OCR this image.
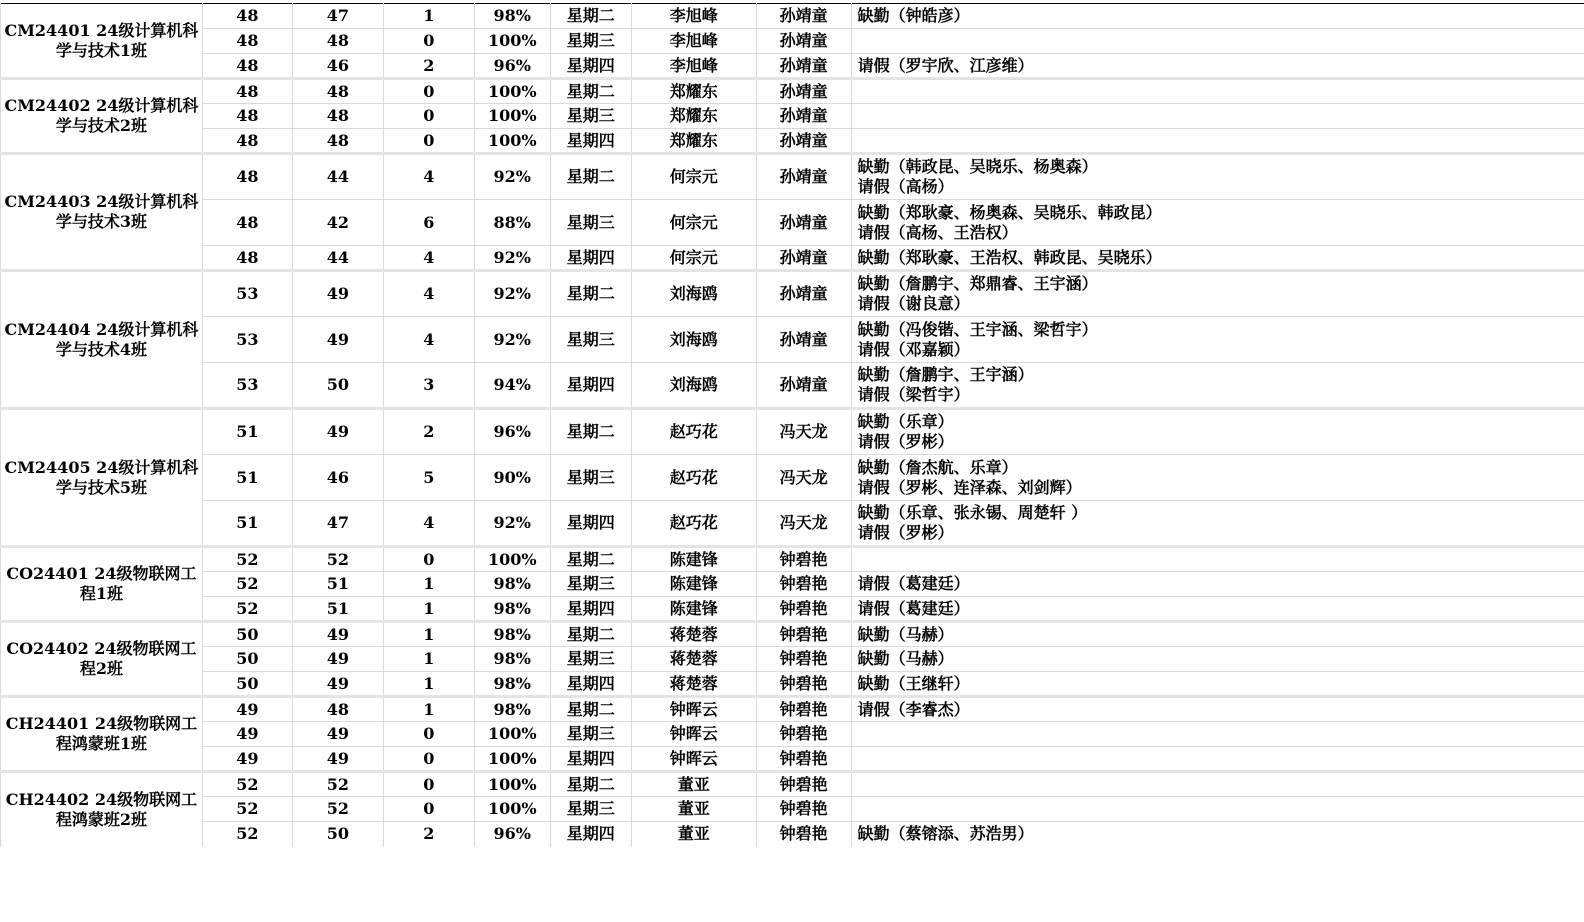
CM24401 24级计算机科学与技术1班	48	47	1	98%	星期二	李旭峰	孙靖童	缺勤（钟皓彦）

	48	48	0	100%	星期三	李旭峰	孙靖童	
	48	46	2	96%	星期四	李旭峰	孙靖童	请假（罗宇欣、江彦维）

CM24402 24级计算机科学与技术2班	48	48	0	100%	星期二	郑耀东	孙靖童	
	48	48	0	100%	星期三	郑耀东	孙靖童	
	48	48	0	100%	星期四	郑耀东	孙靖童	
CM24403 24级计算机科学与技术3班	48	44	4	92%	星期二	何宗元	孙靖童	缺勤（韩政昆、吴晓乐、杨奥森）
请假（高杨）

	48	42	6	88%	星期三	何宗元	孙靖童	缺勤（郑耿豪、杨奥森、吴晓乐、韩政昆）
请假（高杨、王浩权）

	48	44	4	92%	星期四	何宗元	孙靖童	缺勤（郑耿豪、王浩权、韩政昆、吴晓乐）

CM24404 24级计算机科学与技术4班	53	49	4	92%	星期二	刘海鸥	孙靖童	缺勤（詹鹏宇、郑鼎睿、王宇涵）
请假（谢良意）

	53	49	4	92%	星期三	刘海鸥	孙靖童	缺勤（冯俊锴、王宇涵、梁哲宇）
请假（邓嘉颖）

	53	50	3	94%	星期四	刘海鸥	孙靖童	缺勤（詹鹏宇、王宇涵）
请假（梁哲宇）

CM24405 24级计算机科学与技术5班	51	49	2	96%	星期二	赵巧花	冯天龙	缺勤（乐章）
请假（罗彬）

	51	46	5	90%	星期三	赵巧花	冯天龙	缺勤（詹杰航、乐章）
请假（罗彬、连泽森、刘剑辉）

	51	47	4	92%	星期四	赵巧花	冯天龙	缺勤（乐章、张永锡、周楚轩 ）
请假（罗彬）

CO24401 24级物联网工程1班	52	52	0	100%	星期二	陈建锋	钟碧艳	
	52	51	1	98%	星期三	陈建锋	钟碧艳	请假（葛建廷）

	52	51	1	98%	星期四	陈建锋	钟碧艳	请假（葛建廷）

CO24402 24级物联网工程2班	50	49	1	98%	星期二	蒋楚蓉	钟碧艳	缺勤（马赫）

	50	49	1	98%	星期三	蒋楚蓉	钟碧艳	缺勤（马赫）

	50	49	1	98%	星期四	蒋楚蓉	钟碧艳	缺勤（王继轩）

CH24401 24级物联网工程鸿蒙班1班	49	48	1	98%	星期二	钟晖云	钟碧艳	请假（李睿杰）

	49	49	0	100%	星期三	钟晖云	钟碧艳	
	49	49	0	100%	星期四	钟晖云	钟碧艳	
CH24402 24级物联网工程鸿蒙班2班	52	52	0	100%	星期二	董亚	钟碧艳	
	52	52	0	100%	星期三	董亚	钟碧艳	
	52	50	2	96%	星期四	董亚	钟碧艳	缺勤（蔡镕添、苏浩男）
